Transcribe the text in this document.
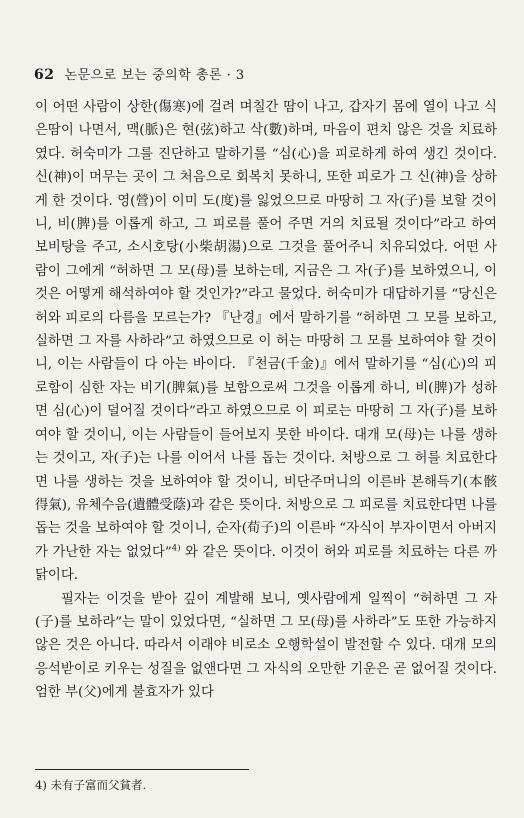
62 논문으로 보는 중의학 총론 · 3

이 어떤 사람이 상한(傷寒)에 걸려 며칠간 땀이 나고, 갑자기 몸에 열이 나고 식은땀이 나면서, 맥(脈)은 현(弦)하고 삭(數)하며, 마음이 편치 않은 것을 치료하였다. 허숙미가 그를 진단하고 말하기를 “심(心)을 피로하게 하여 생긴 것이다. 신(神)이 머무는 곳이 그 처음으로 회복치 못하니, 또한 피로가 그 신(神)을 상하게 한 것이다. 영(營)이 이미 도(度)를 잃었으므로 마땅히 그 자(子)를 보할 것이니, 비(脾)를 이롭게 하고, 그 피로를 풀어 주면 거의 치료될 것이다”라고 하여 보비탕을 주고, 소시호탕(小柴胡湯)으로 그것을 풀어주니 치유되었다. 어떤 사람이 그에게 “허하면 그 모(母)를 보하는데, 지금은 그 자(子)를 보하였으니, 이것은 어떻게 해석하여야 할 것인가?”라고 물었다. 허숙미가 대답하기를 “당신은 허와 피로의 다름을 모르는가? 『난경』에서 말하기를 “허하면 그 모를 보하고, 실하면 그 자를 사하라”고 하였으므로 이 허는 마땅히 그 모를 보하여야 할 것이니, 이는 사람들이 다 아는 바이다. 『천금(千金)』에서 말하기를 “심(心)의 피로함이 심한 자는 비기(脾氣)를 보함으로써 그것을 이롭게 하니, 비(脾)가 성하면 심(心)이 덜어질 것이다”라고 하였으므로 이 피로는 마땅히 그 자(子)를 보하여야 할 것이니, 이는 사람들이 들어보지 못한 바이다. 대개 모(母)는 나를 생하는 것이고, 자(子)는 나를 이어서 나를 돕는 것이다. 처방으로 그 허를 치료한다면 나를 생하는 것을 보하여야 할 것이니, 비단주머니의 이른바 본해득기(本骸得氣), 유체수음(遺體受蔭)과 같은 뜻이다. 처방으로 그 피로를 치료한다면 나를 돕는 것을 보하여야 할 것이니, 순자(荀子)의 이른바 “자식이 부자이면서 아버지가 가난한 자는 없었다”$^{4)}$ 와 같은 뜻이다. 이것이 허와 피로를 치료하는 다른 까닭이다.

필자는 이것을 받아 깊이 계발해 보니, 옛사람에게 일찍이 “허하면 그 자(子)를 보하라”는 말이 있었다면, “실하면 그 모(母)를 사하라”도 또한 가능하지 않은 것은 아니다. 따라서 이래야 비로소 오행학설이 발전할 수 있다. 대개 모의 응석받이로 키우는 성질을 없앤다면 그 자식의 오만한 기운은 곧 없어질 것이다. 엄한 부(父)에게 불효자가 있다

4) 未有子富而父貧者.
